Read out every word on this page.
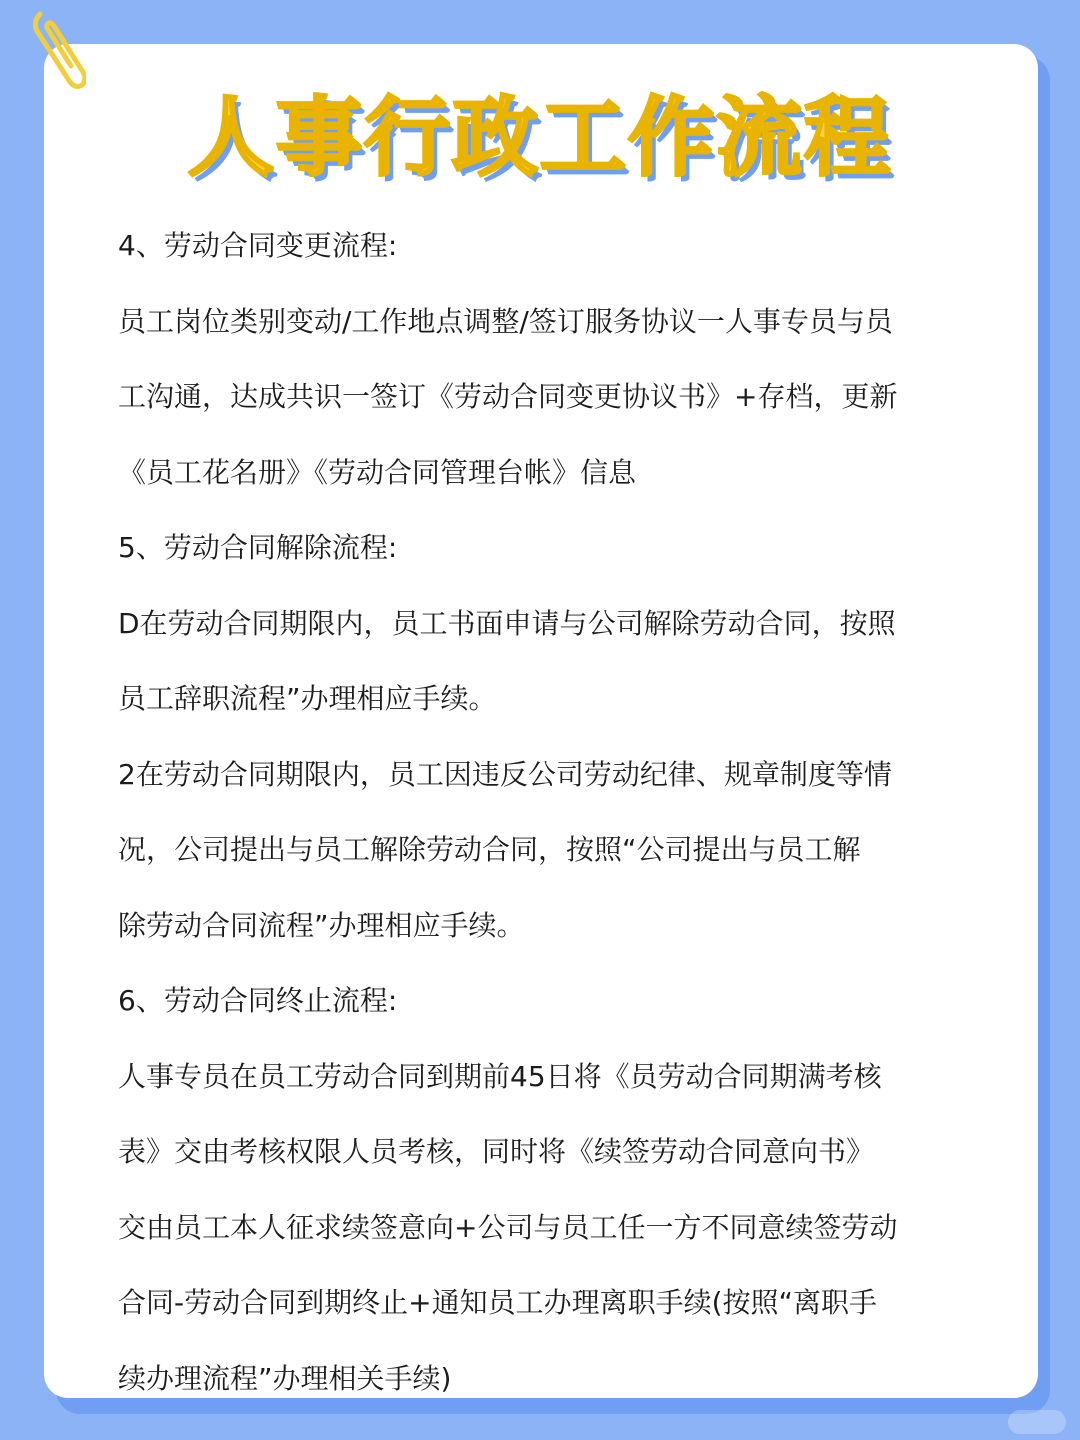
人事行政工作流程
4、劳动合同变更流程:
员工岗位类别变动/工作地点调整/签订服务协议一人事专员与员
工沟通，达成共识一签订《劳动合同变更协议书》+存档，更新
《员工花名册》《劳动合同管理台帐》信息
5、劳动合同解除流程:
D在劳动合同期限内，员工书面申请与公司解除劳动合同，按照
员工辞职流程”办理相应手续。
2在劳动合同期限内，员工因违反公司劳动纪律、规章制度等情
况，公司提出与员工解除劳动合同，按照“公司提出与员工解
除劳动合同流程”办理相应手续。
6、劳动合同终止流程:
人事专员在员工劳动合同到期前45日将《员劳动合同期满考核
表》交由考核权限人员考核，同时将《续签劳动合同意向书》
交由员工本人征求续签意向+公司与员工任一方不同意续签劳动
合同-劳动合同到期终止+通知员工办理离职手续(按照“离职手
续办理流程”办理相关手续)
